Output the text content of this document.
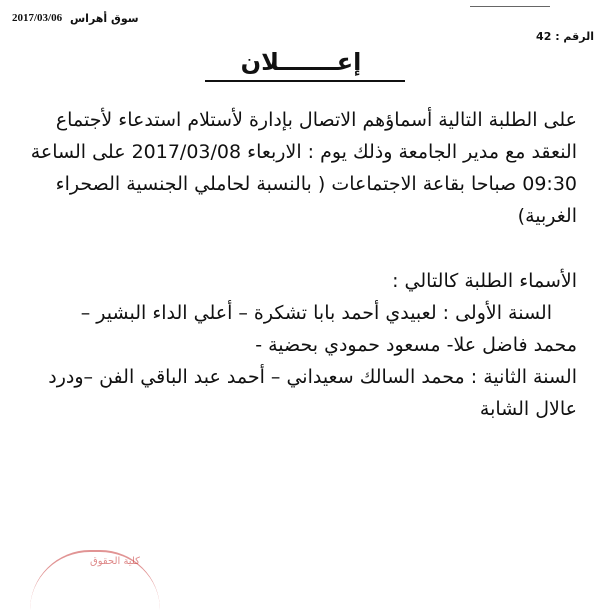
2017/03/06 سوق أهراس
الرقم : 42
إعـــــــلان
على الطلبة التالية أسماؤهم الاتصال بإدارة لأستلام استدعاء لأجتماع
النعقد مع مدير الجامعة وذلك يوم : الاربعاء 2017/03/08 على الساعة
09:30 صباحا بقاعة الاجتماعات ( بالنسبة لحاملي الجنسية الصحراء
الغربية)
الأسماء الطلبة كالتالي :
السنة الأولى : لعبيدي أحمد بابا تشكرة – أعلي الداء البشير –
محمد فاضل علا- مسعود حمودي بحضية -
السنة الثانية : محمد السالك سعيداني – أحمد عبد الباقي الفن –ودرد
عالال الشابة
كلية الحقوق
